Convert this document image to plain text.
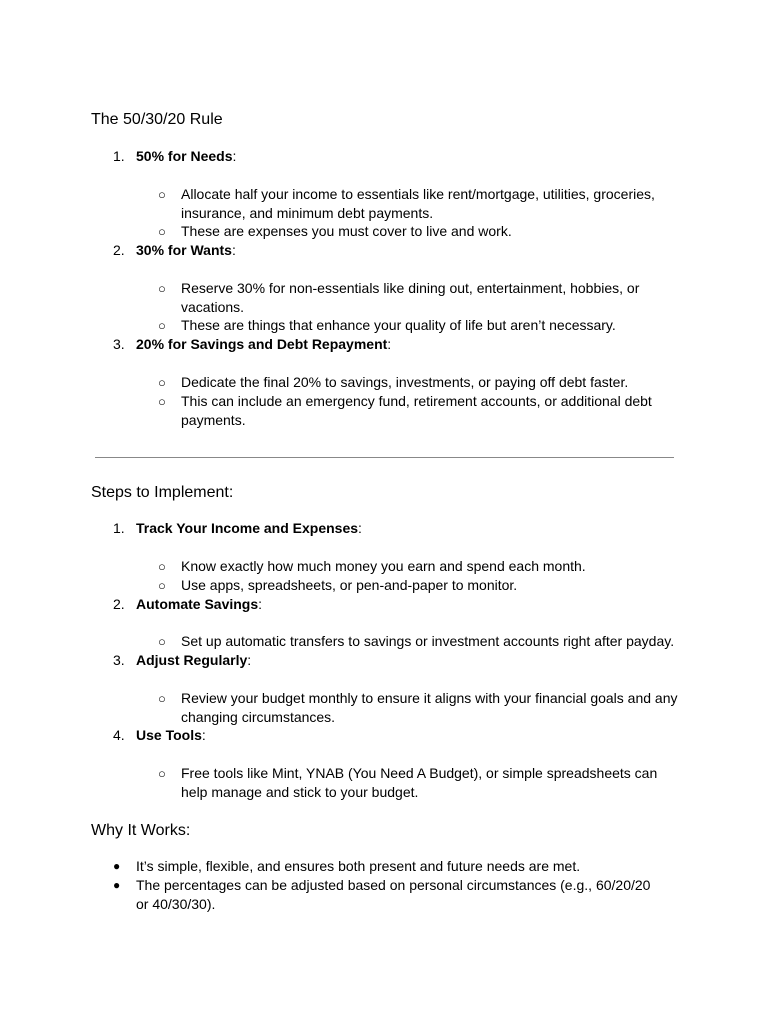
The 50/30/20 Rule
1. 50% for Needs:
○ Allocate half your income to essentials like rent/mortgage, utilities, groceries, insurance, and minimum debt payments.
○ These are expenses you must cover to live and work.
2. 30% for Wants:
○ Reserve 30% for non-essentials like dining out, entertainment, hobbies, or vacations.
○ These are things that enhance your quality of life but aren’t necessary.
3. 20% for Savings and Debt Repayment:
○ Dedicate the final 20% to savings, investments, or paying off debt faster.
○ This can include an emergency fund, retirement accounts, or additional debt payments.
Steps to Implement:
1. Track Your Income and Expenses:
○ Know exactly how much money you earn and spend each month.
○ Use apps, spreadsheets, or pen-and-paper to monitor.
2. Automate Savings:
○ Set up automatic transfers to savings or investment accounts right after payday.
3. Adjust Regularly:
○ Review your budget monthly to ensure it aligns with your financial goals and any changing circumstances.
4. Use Tools:
○ Free tools like Mint, YNAB (You Need A Budget), or simple spreadsheets can help manage and stick to your budget.
Why It Works:
● It’s simple, flexible, and ensures both present and future needs are met.
● The percentages can be adjusted based on personal circumstances (e.g., 60/20/20 or 40/30/30).
